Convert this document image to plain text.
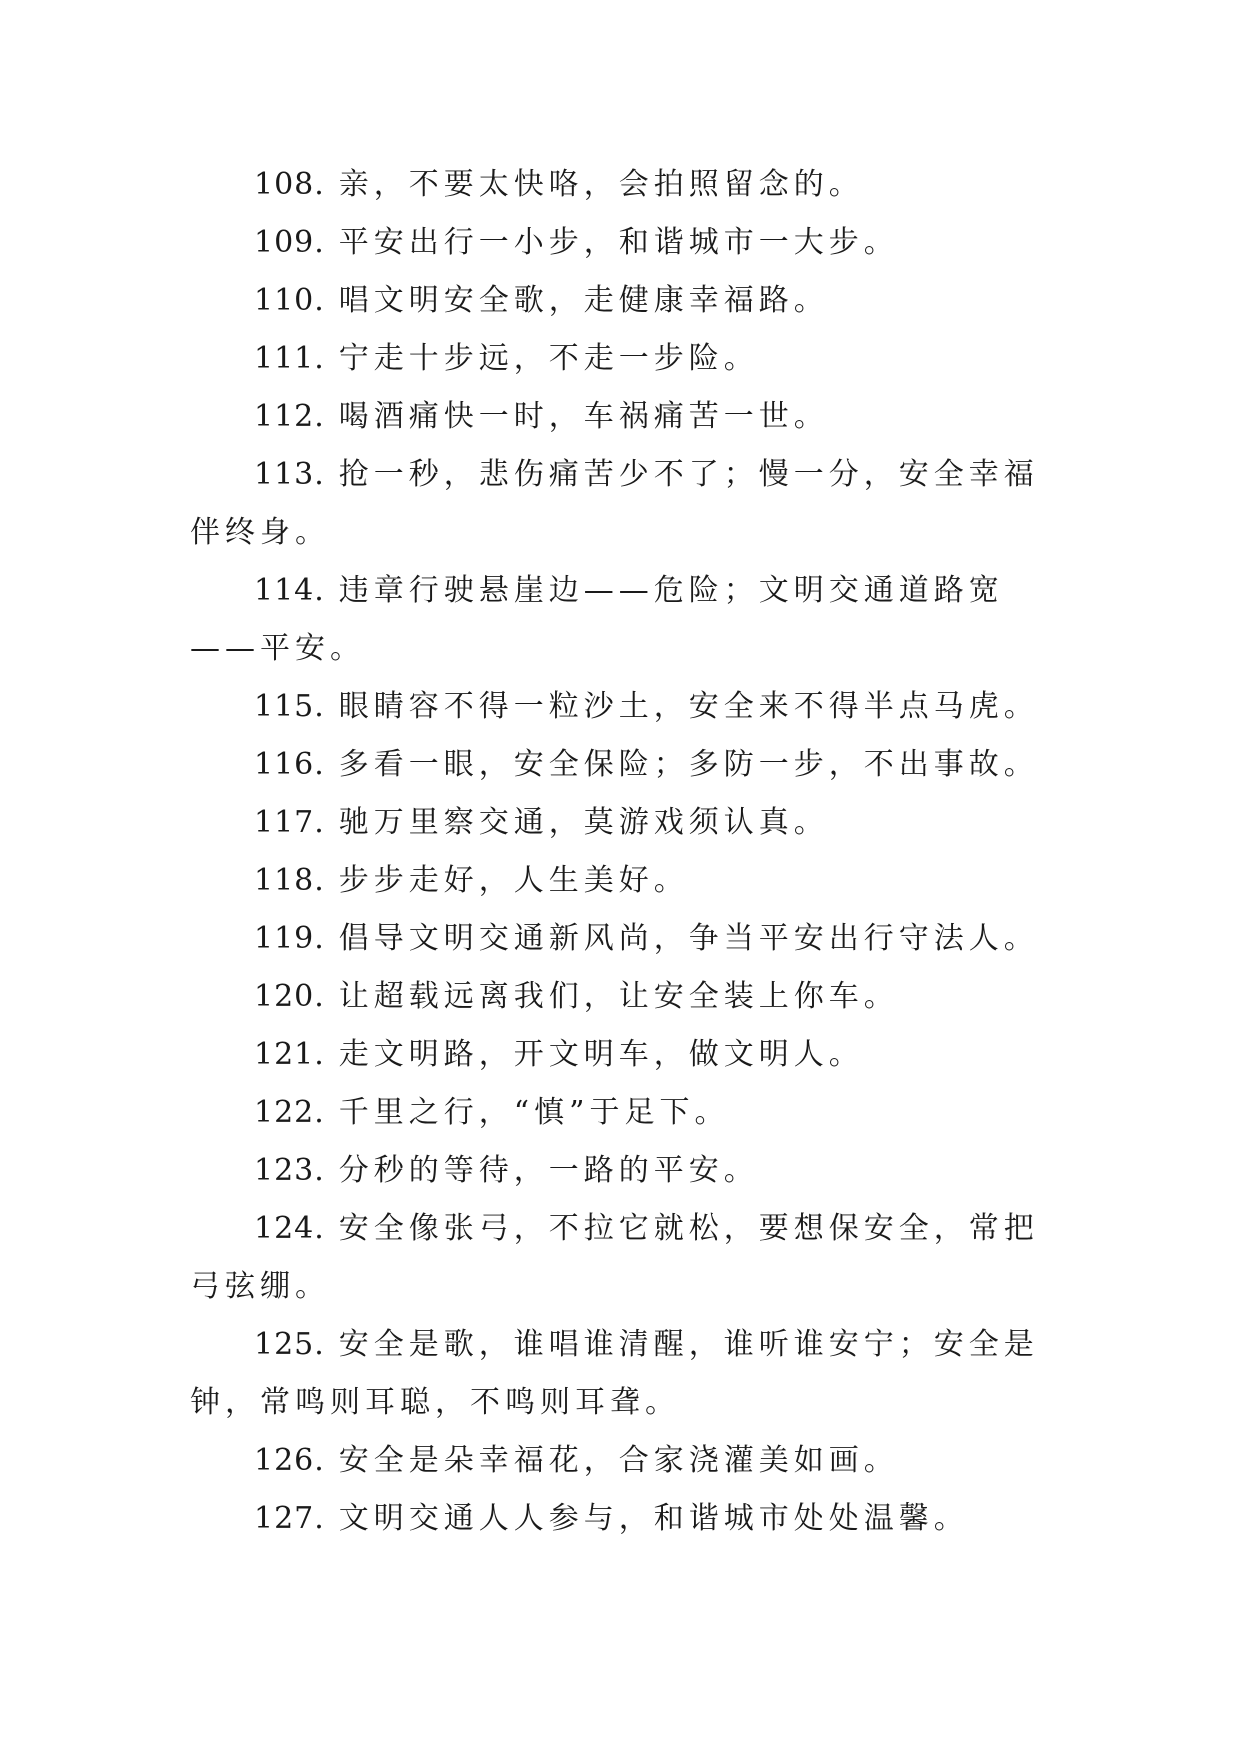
108. 亲，不要太快咯，会拍照留念的。

109. 平安出行一小步，和谐城市一大步。

110. 唱文明安全歌，走健康幸福路。

111. 宁走十步远，不走一步险。

112. 喝酒痛快一时，车祸痛苦一世。

113. 抢一秒，悲伤痛苦少不了；慢一分，安全幸福伴终身。

114. 违章行驶悬崖边——危险；文明交通道路宽——平安。

115. 眼睛容不得一粒沙土，安全来不得半点马虎。

116. 多看一眼，安全保险；多防一步，不出事故。

117. 驰万里察交通，莫游戏须认真。

118. 步步走好，人生美好。

119. 倡导文明交通新风尚，争当平安出行守法人。

120. 让超载远离我们，让安全装上你车。

121. 走文明路，开文明车，做文明人。

122. 千里之行，“慎”于足下。

123. 分秒的等待，一路的平安。

124. 安全像张弓，不拉它就松，要想保安全，常把弓弦绷。

125. 安全是歌，谁唱谁清醒，谁听谁安宁；安全是钟，常鸣则耳聪，不鸣则耳聋。

126. 安全是朵幸福花，合家浇灌美如画。

127. 文明交通人人参与，和谐城市处处温馨。
